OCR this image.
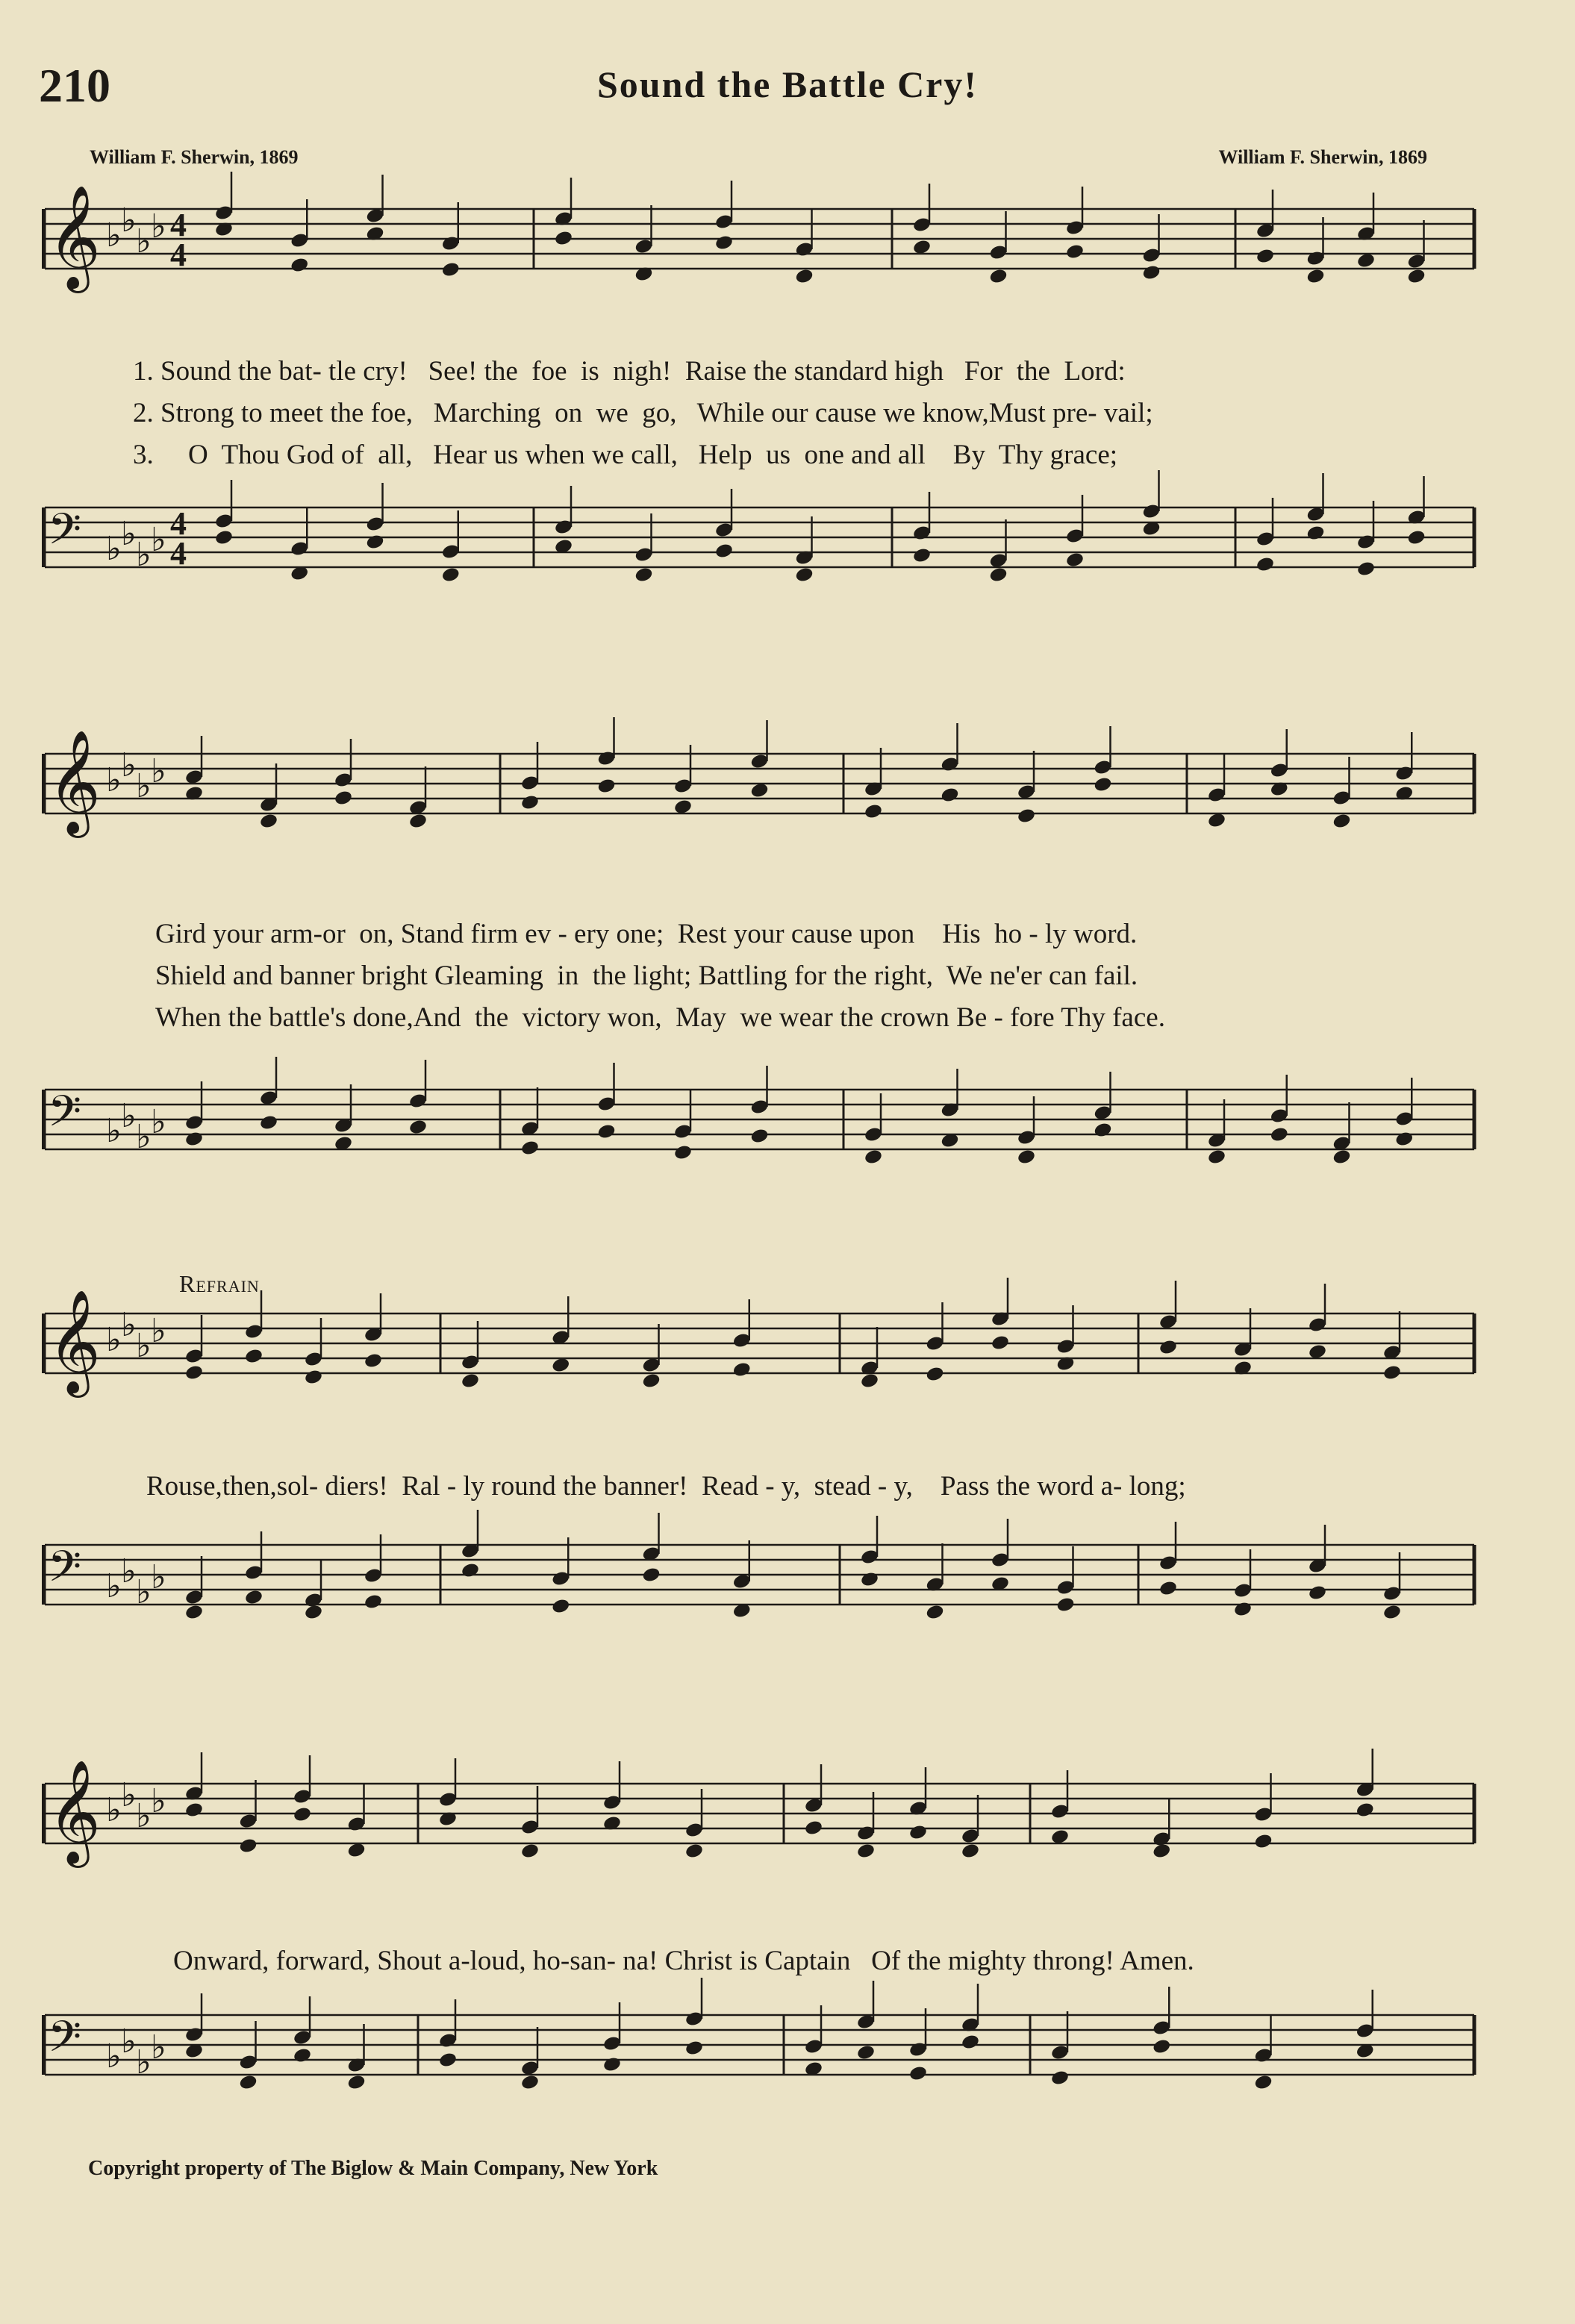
210	Sound the Battle Cry!
William F. Sherwin, 1869	William F. Sherwin, 1869
𝄞 ♭ ♭
♭ ♭ 4
4
1. Sound the bat- tle cry!   See! the  foe  is  nigh!  Raise the standard high   For  the  Lord:
2. Strong to meet the foe,   Marching  on  we  go,   While our cause we know,Must pre- vail;
3.     O  Thou God of  all,   Hear us when we call,   Help  us  one and all    By  Thy grace;
𝄢 ♭ ♭
♭ ♭ 4
4
𝄞 ♭ ♭
♭ ♭
Gird your arm-or  on, Stand firm ev - ery one;  Rest your cause upon    His  ho - ly word.
Shield and banner bright Gleaming  in  the light; Battling for the right,  We ne'er can fail.
When the battle's done,And  the  victory won,  May  we wear the crown Be - fore Thy face.
𝄢 ♭ ♭
♭ ♭
Refrain
𝄞 ♭ ♭
♭ ♭
Rouse,then,sol- diers!  Ral - ly round the banner!  Read - y,  stead - y,    Pass the word a- long;
𝄢 ♭ ♭
♭ ♭
𝄞 ♭ ♭
♭ ♭
Onward, forward, Shout a-loud, ho-san- na! Christ is Captain   Of the mighty throng! Amen.
𝄢 ♭ ♭
♭ ♭
Copyright property of The Biglow & Main Company, New York
